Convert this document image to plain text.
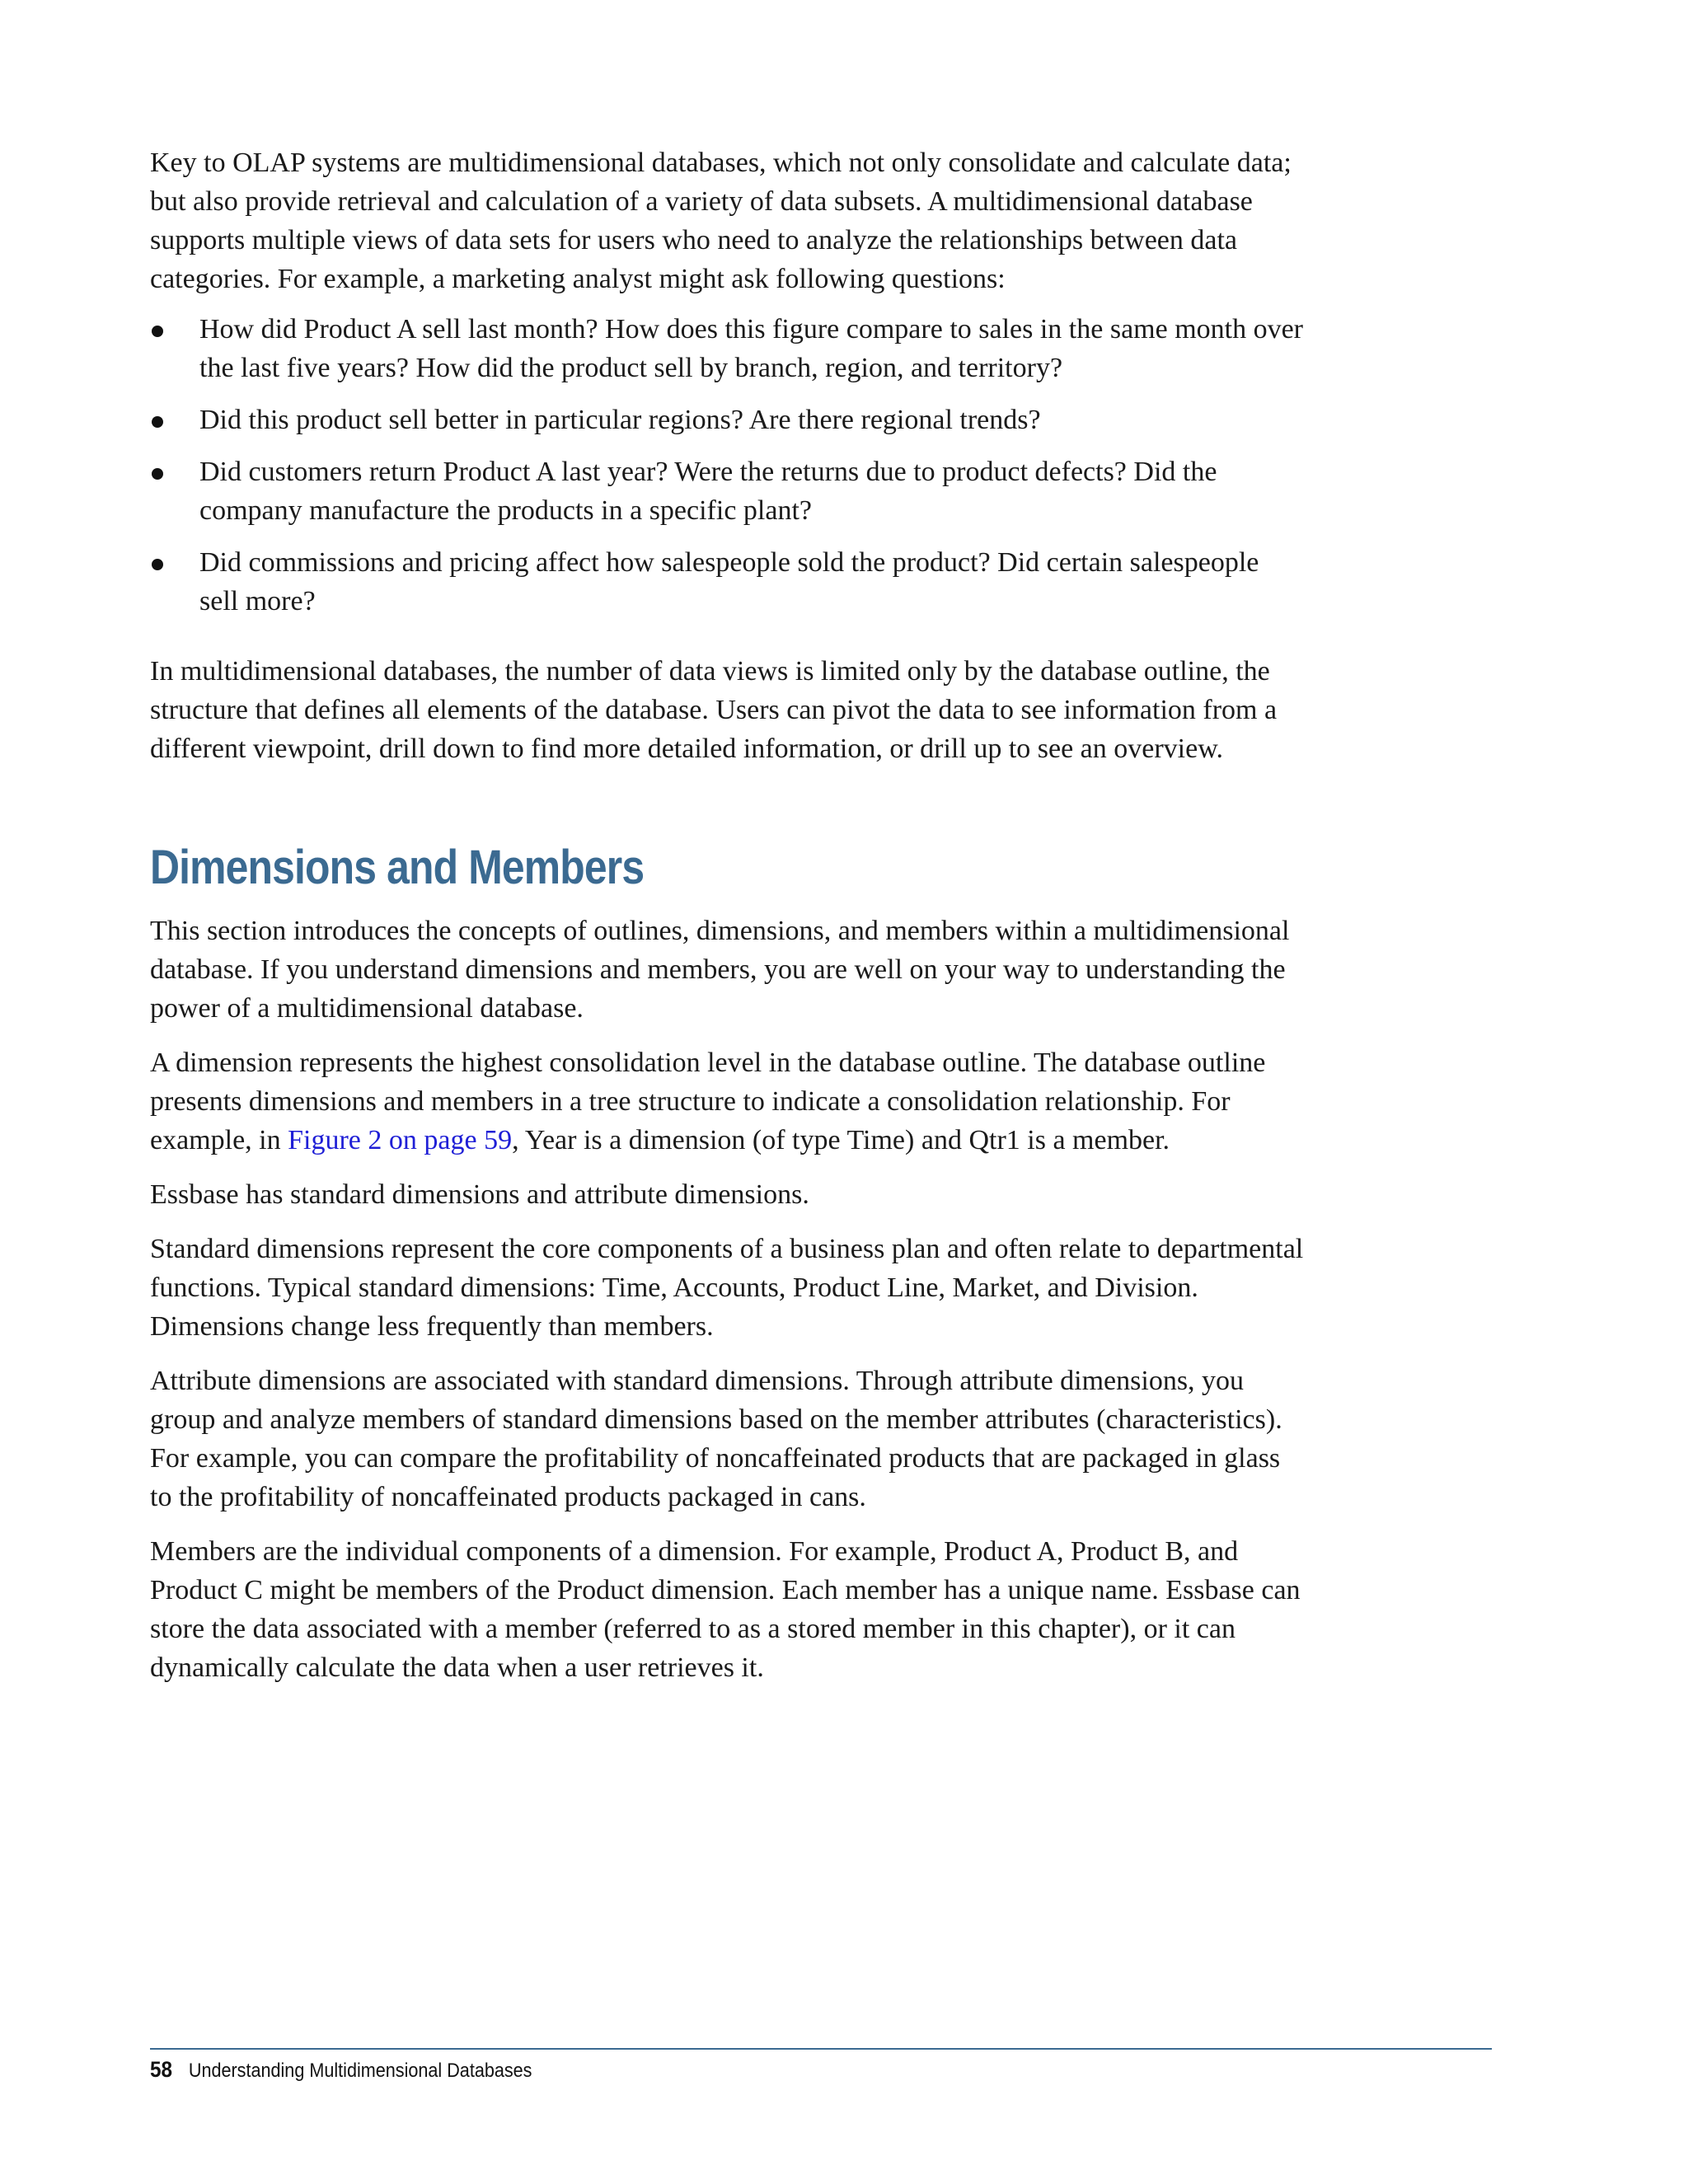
Key to OLAP systems are multidimensional databases, which not only consolidate and calculate data; but also provide retrieval and calculation of a variety of data subsets. A multidimensional database supports multiple views of data sets for users who need to analyze the relationships between data categories. For example, a marketing analyst might ask following questions:

How did Product A sell last month? How does this figure compare to sales in the same month over the last five years? How did the product sell by branch, region, and territory?
Did this product sell better in particular regions? Are there regional trends?
Did customers return Product A last year? Were the returns due to product defects? Did the company manufacture the products in a specific plant?
Did commissions and pricing affect how salespeople sold the product? Did certain salespeople sell more?

In multidimensional databases, the number of data views is limited only by the database outline, the structure that defines all elements of the database. Users can pivot the data to see information from a different viewpoint, drill down to find more detailed information, or drill up to see an overview.

Dimensions and Members

This section introduces the concepts of outlines, dimensions, and members within a multidimensional database. If you understand dimensions and members, you are well on your way to understanding the power of a multidimensional database.

A dimension represents the highest consolidation level in the database outline. The database outline presents dimensions and members in a tree structure to indicate a consolidation relationship. For example, in Figure 2 on page 59, Year is a dimension (of type Time) and Qtr1 is a member.

Essbase has standard dimensions and attribute dimensions.

Standard dimensions represent the core components of a business plan and often relate to departmental functions. Typical standard dimensions: Time, Accounts, Product Line, Market, and Division. Dimensions change less frequently than members.

Attribute dimensions are associated with standard dimensions. Through attribute dimensions, you group and analyze members of standard dimensions based on the member attributes (characteristics). For example, you can compare the profitability of noncaffeinated products that are packaged in glass to the profitability of noncaffeinated products packaged in cans.

Members are the individual components of a dimension. For example, Product A, Product B, and Product C might be members of the Product dimension. Each member has a unique name. Essbase can store the data associated with a member (referred to as a stored member in this chapter), or it can dynamically calculate the data when a user retrieves it.

58 Understanding Multidimensional Databases
